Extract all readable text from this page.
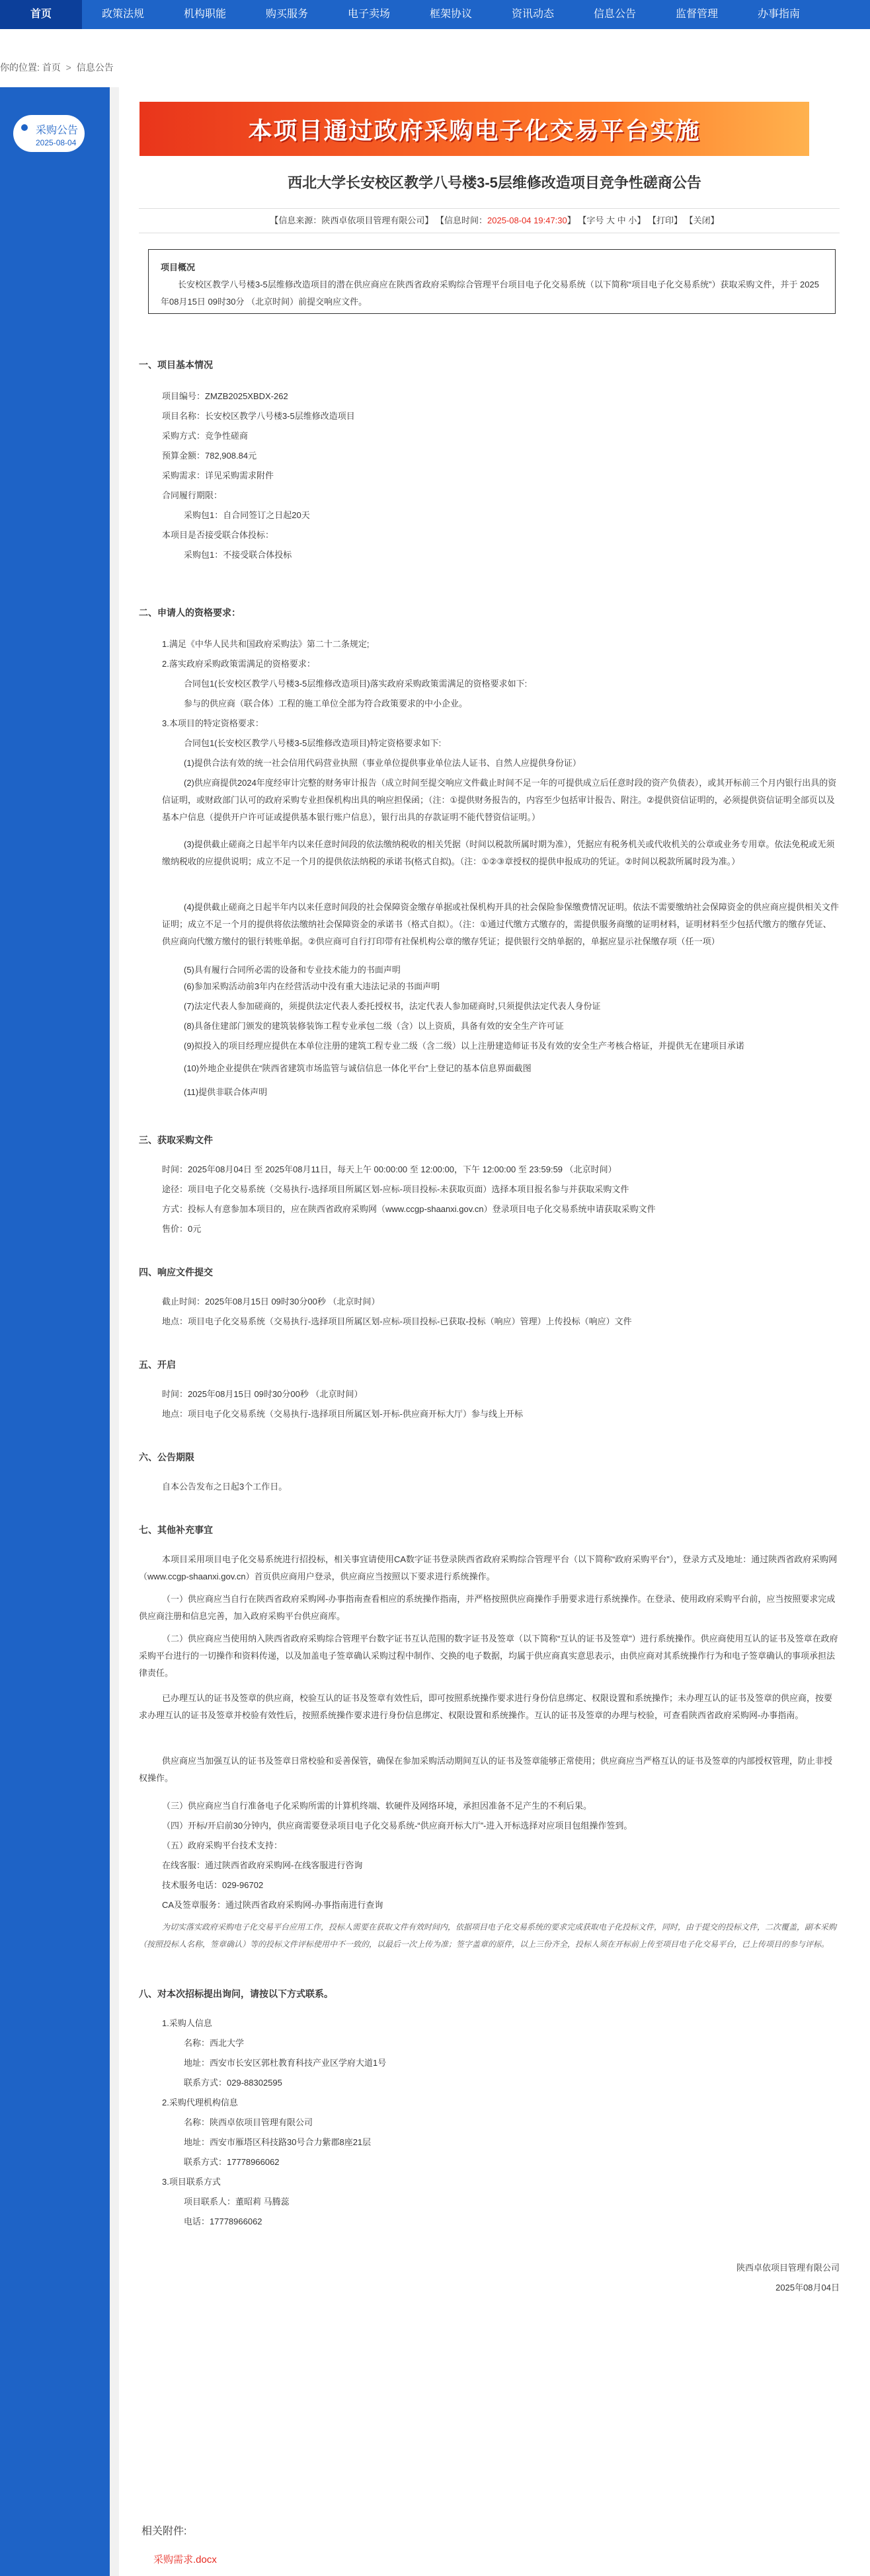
首页	政策法规	机构职能	购买服务	电子卖场	框架协议	资讯动态	信息公告	监督管理	办事指南
你的位置: 首页 > 信息公告
采购公告
2025-08-04	本项目通过政府采购电子化交易平台实施
西北大学长安校区教学八号楼3-5层维修改造项目竞争性磋商公告
【信息来源：陕西卓依项目管理有限公司】 【信息时间：2025-08-04 19:47:30】 【字号 大 中 小】 【打印】 【关闭】
项目概况
长安校区教学八号楼3-5层维修改造项目的潜在供应商应在陕西省政府采购综合管理平台项目电子化交易系统（以下简称“项目电子化交易系统”）获取采购文件，并于 2025年08月15日 09时30分 （北京时间）前提交响应文件。
一、项目基本情况
项目编号：ZMZB2025XBDX-262
项目名称：长安校区教学八号楼3-5层维修改造项目
采购方式：竞争性磋商
预算金额：782,908.84元
采购需求：详见采购需求附件
合同履行期限：
采购包1：自合同签订之日起20天
本项目是否接受联合体投标：
采购包1：不接受联合体投标
二、申请人的资格要求：
1.满足《中华人民共和国政府采购法》第二十二条规定;
2.落实政府采购政策需满足的资格要求：
合同包1(长安校区教学八号楼3-5层维修改造项目)落实政府采购政策需满足的资格要求如下:
参与的供应商（联合体）工程的施工单位全部为符合政策要求的中小企业。
3.本项目的特定资格要求：
合同包1(长安校区教学八号楼3-5层维修改造项目)特定资格要求如下:
(1)提供合法有效的统一社会信用代码营业执照（事业单位提供事业单位法人证书、自然人应提供身份证）
(2)供应商提供2024年度经审计完整的财务审计报告（成立时间至提交响应文件截止时间不足一年的可提供成立后任意时段的资产负债表），或其开标前三个月内银行出具的资信证明，或财政部门认可的政府采购专业担保机构出具的响应担保函；（注：①提供财务报告的，内容至少包括审计报告、附注。②提供资信证明的，必须提供资信证明全部页以及基本户信息（提供开户许可证或提供基本银行账户信息），银行出具的存款证明不能代替资信证明。）
(3)提供截止磋商之日起半年内以来任意时间段的依法缴纳税收的相关凭据（时间以税款所属时期为准），凭据应有税务机关或代收机关的公章或业务专用章。依法免税或无须缴纳税收的应提供说明；成立不足一个月的提供依法纳税的承诺书(格式自拟)。（注：①②③章授权的提供申报成功的凭证。②时间以税款所属时段为准。）
(4)提供截止磋商之日起半年内以来任意时间段的社会保障资金缴存单据或社保机构开具的社会保险参保缴费情况证明。依法不需要缴纳社会保障资金的供应商应提供相关文件证明；成立不足一个月的提供将依法缴纳社会保障资金的承诺书（格式自拟）。（注：①通过代缴方式缴存的，需提供服务商缴的证明材料，证明材料至少包括代缴方的缴存凭证、供应商向代缴方缴付的银行转账单据。②供应商可自行打印带有社保机构公章的缴存凭证；提供银行交纳单据的，单据应显示社保缴存项（任一项）
(5)具有履行合同所必需的设备和专业技术能力的书面声明
(6)参加采购活动前3年内在经营活动中没有重大违法记录的书面声明
(7)法定代表人参加磋商的，须提供法定代表人委托授权书，法定代表人参加磋商时,只须提供法定代表人身份证
(8)具备住建部门颁发的建筑装修装饰工程专业承包二级（含）以上资质，具备有效的安全生产许可证
(9)拟投入的项目经理应提供在本单位注册的建筑工程专业二级（含二级）以上注册建造师证书及有效的安全生产考核合格证，并提供无在建项目承诺
(10)外地企业提供在“陕西省建筑市场监管与诚信信息一体化平台”上登记的基本信息界面截图
(11)提供非联合体声明
三、获取采购文件
时间：2025年08月04日 至 2025年08月11日，每天上午 00:00:00 至 12:00:00，下午 12:00:00 至 23:59:59 （北京时间）
途径：项目电子化交易系统（交易执行-选择项目所属区划-应标-项目投标-未获取页面）选择本项目报名参与并获取采购文件
方式：投标人有意参加本项目的，应在陕西省政府采购网（www.ccgp-shaanxi.gov.cn）登录项目电子化交易系统申请获取采购文件
售价：0元
四、响应文件提交
截止时间：2025年08月15日 09时30分00秒 （北京时间）
地点：项目电子化交易系统（交易执行-选择项目所属区划-应标-项目投标-已获取-投标（响应）管理）上传投标（响应）文件
五、开启
时间：2025年08月15日 09时30分00秒 （北京时间）
地点：项目电子化交易系统（交易执行-选择项目所属区划-开标-供应商开标大厅）参与线上开标
六、公告期限
自本公告发布之日起3个工作日。
七、其他补充事宜
本项目采用项目电子化交易系统进行招投标，相关事宜请使用CA数字证书登录陕西省政府采购综合管理平台（以下简称“政府采购平台”），登录方式及地址：通过陕西省政府采购网（www.ccgp-shaanxi.gov.cn）首页供应商用户登录，供应商应当按照以下要求进行系统操作。
（一）供应商应当自行在陕西省政府采购网-办事指南查看相应的系统操作指南，并严格按照供应商操作手册要求进行系统操作。在登录、使用政府采购平台前，应当按照要求完成供应商注册和信息完善，加入政府采购平台供应商库。
（二）供应商应当使用纳入陕西省政府采购综合管理平台数字证书互认范围的数字证书及签章（以下简称“互认的证书及签章”）进行系统操作。供应商使用互认的证书及签章在政府采购平台进行的一切操作和资料传递，以及加盖电子签章确认采购过程中制作、交换的电子数据，均属于供应商真实意思表示，由供应商对其系统操作行为和电子签章确认的事项承担法律责任。
已办理互认的证书及签章的供应商，校验互认的证书及签章有效性后，即可按照系统操作要求进行身份信息绑定、权限设置和系统操作；未办理互认的证书及签章的供应商，按要求办理互认的证书及签章并校验有效性后，按照系统操作要求进行身份信息绑定、权限设置和系统操作。互认的证书及签章的办理与校验，可查看陕西省政府采购网-办事指南。
供应商应当加强互认的证书及签章日常校验和妥善保管，确保在参加采购活动期间互认的证书及签章能够正常使用；供应商应当严格互认的证书及签章的内部授权管理，防止非授权操作。
（三）供应商应当自行准备电子化采购所需的计算机终端、软硬件及网络环境，承担因准备不足产生的不利后果。
（四）开标/开启前30分钟内，供应商需要登录项目电子化交易系统-“供应商开标大厅”-进入开标选择对应项目包组操作签到。
（五）政府采购平台技术支持：
在线客服：通过陕西省政府采购网-在线客服进行咨询
技术服务电话：029-96702
CA及签章服务：通过陕西省政府采购网-办事指南进行查询
为切实落实政府采购电子化交易平台应用工作，投标人需要在获取文件有效时间内，依据项目电子化交易系统的要求完成获取电子化投标文件，同时，由于提交的投标文件，二次覆盖，副本采购（按照投标人名称，签章确认）等的投标文件评标使用中不一致的，以最后一次上传为准；签字盖章的原件，以上三份齐全，投标人须在开标前上传至项目电子化交易平台，已上传项目的参与评标。
八、对本次招标提出询问，请按以下方式联系。
1.采购人信息
名称：西北大学
地址：西安市长安区郭杜教育科技产业区学府大道1号
联系方式：029-88302595
2.采购代理机构信息
名称：陕西卓依项目管理有限公司
地址：西安市雁塔区科技路30号合力紫郡8座21层
联系方式：17778966062
3.项目联系方式
项目联系人：董昭莉 马腾蕊
电话：17778966062
陕西卓依项目管理有限公司
2025年08月04日
相关附件:
采购需求.docx
